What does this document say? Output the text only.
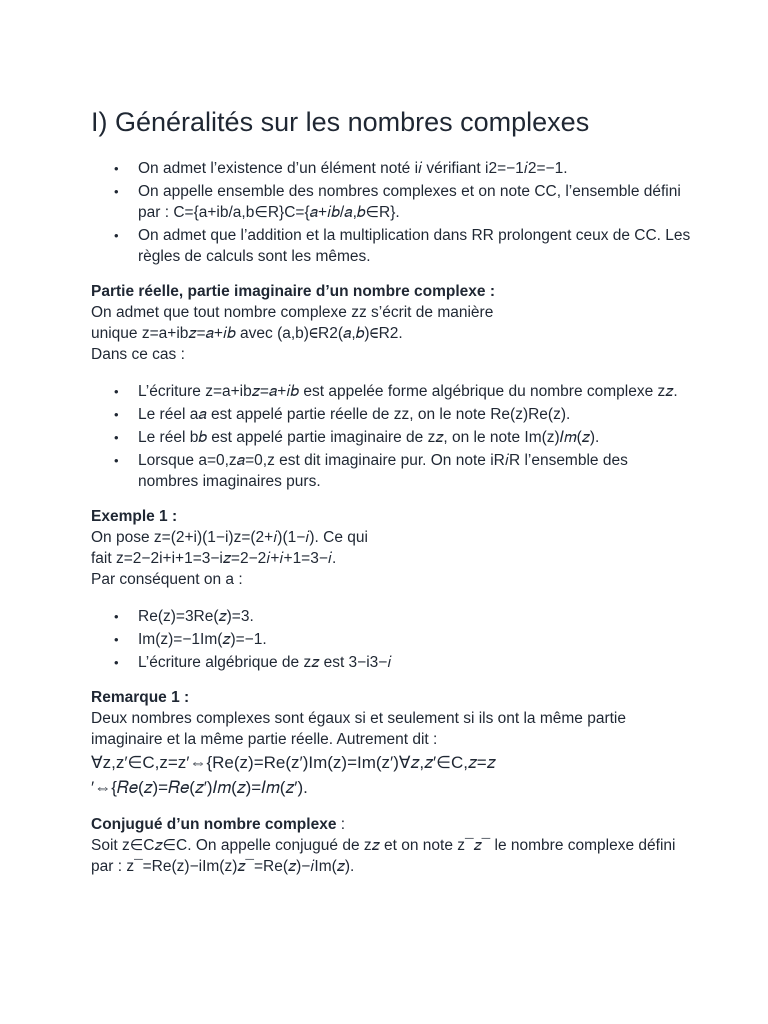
I) Généralités sur les nombres complexes
• On admet l’existence d’un élément noté i𝑖 vérifiant i2=−1𝑖2=−1.
• On appelle ensemble des nombres complexes et on note CC, l’ensemble défini par : C={a+ib/a,b∈R}C={𝑎+𝑖𝑏/𝑎,𝑏∈R}.
• On admet que l’addition et la multiplication dans RR prolongent ceux de CC. Les règles de calculs sont les mêmes.

Partie réelle, partie imaginaire d’un nombre complexe :

On admet que tout nombre complexe zz s’écrit de manière

unique z=a+ib𝑧=𝑎+𝑖𝑏 avec (a,b)∈R2(𝑎,𝑏)∈R2.

Dans ce cas :

• L’écriture z=a+ib𝑧=𝑎+𝑖𝑏 est appelée forme algébrique du nombre complexe z𝑧.
• Le réel a𝑎 est appelé partie réelle de zz, on le note Re(z)Re(z).
• Le réel b𝑏 est appelé partie imaginaire de z𝑧, on le note Im(z)𝐼𝑚(𝑧).
• Lorsque a=0,z𝑎=0,z est dit imaginaire pur. On note iR𝑖R l’ensemble des nombres imaginaires purs.

Exemple 1 :

On pose z=(2+i)(1−i)z=(2+𝑖)(1−𝑖). Ce qui

fait z=2−2i+i+1=3−i𝑧=2−2𝑖+𝑖+1=3−𝑖.

Par conséquent on a :

• Re(z)=3Re(𝑧)=3.
• Im(z)=−1Im(𝑧)=−1.
• L’écriture algébrique de z𝑧 est 3−i3−𝑖

Remarque 1 :

Deux nombres complexes sont égaux si et seulement si ils ont la même partie imaginaire et la même partie réelle. Autrement dit :

∀z,z′∈C,z=z′⇔{Re(z)=Re(z′)Im(z)=Im(z′)∀𝑧,𝑧′∈C,𝑧=𝑧

′⇔{𝑅𝑒(𝑧)=𝑅𝑒(𝑧′)𝐼𝑚(𝑧)=𝐼𝑚(𝑧′).

Conjugué d’un nombre complexe :

Soit z∈C𝑧∈C. On appelle conjugué de z𝑧 et on note z¯𝑧¯ le nombre complexe défini par : z¯=Re(z)−iIm(z)𝑧¯=Re(𝑧)−𝑖Im(𝑧).
